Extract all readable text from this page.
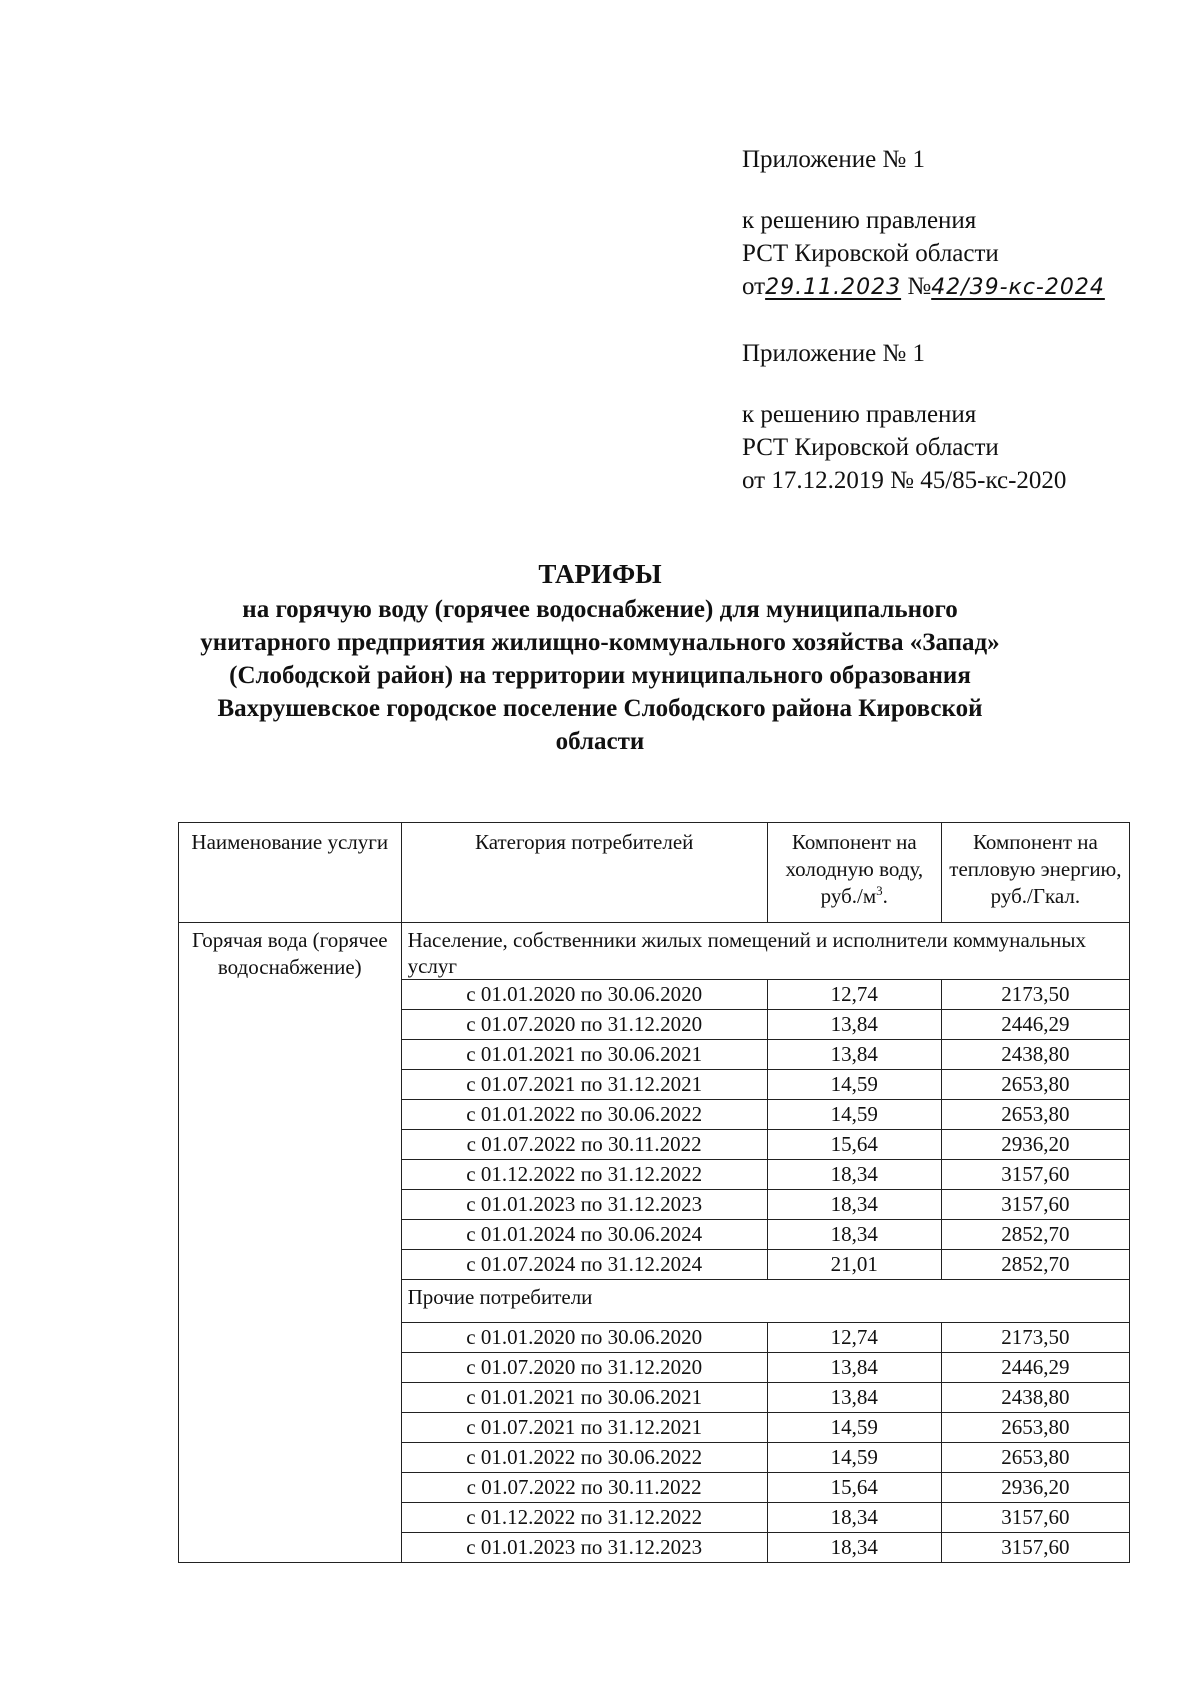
Приложение № 1

к решению правления

РСТ Кировской области

от29.11.2023 №42/39-кс-2024

Приложение № 1

к решению правления

РСТ Кировской области

от 17.12.2019 № 45/85-кс-2020

ТАРИФЫ

на горячую воду (горячее водоснабжение) для муниципального

унитарного предприятия жилищно-коммунального хозяйства «Запад»

(Слободской район) на территории муниципального образования

Вахрушевское городское поселение Слободского района Кировской

области

Наименование услуги	Категория потребителей	Компонент на холодную воду, $руб./м^3$.	Компонент на тепловую энергию, руб./Гкал.
Горячая вода (горячее водоснабжение)	Население, собственники жилых помещений и исполнители коммунальных услуг		
	с 01.01.2020 по 30.06.2020	12,74	2173,50
	с 01.07.2020 по 31.12.2020	13,84	2446,29
	с 01.01.2021 по 30.06.2021	13,84	2438,80
	с 01.07.2021 по 31.12.2021	14,59	2653,80
	с 01.01.2022 по 30.06.2022	14,59	2653,80
	с 01.07.2022 по 30.11.2022	15,64	2936,20
	с 01.12.2022 по 31.12.2022	18,34	3157,60
	с 01.01.2023 по 31.12.2023	18,34	3157,60
	с 01.01.2024 по 30.06.2024	18,34	2852,70
	с 01.07.2024 по 31.12.2024	21,01	2852,70
	Прочие потребители		
	с 01.01.2020 по 30.06.2020	12,74	2173,50
	с 01.07.2020 по 31.12.2020	13,84	2446,29
	с 01.01.2021 по 30.06.2021	13,84	2438,80
	с 01.07.2021 по 31.12.2021	14,59	2653,80
	с 01.01.2022 по 30.06.2022	14,59	2653,80
	с 01.07.2022 по 30.11.2022	15,64	2936,20
	с 01.12.2022 по 31.12.2022	18,34	3157,60
	с 01.01.2023 по 31.12.2023	18,34	3157,60
